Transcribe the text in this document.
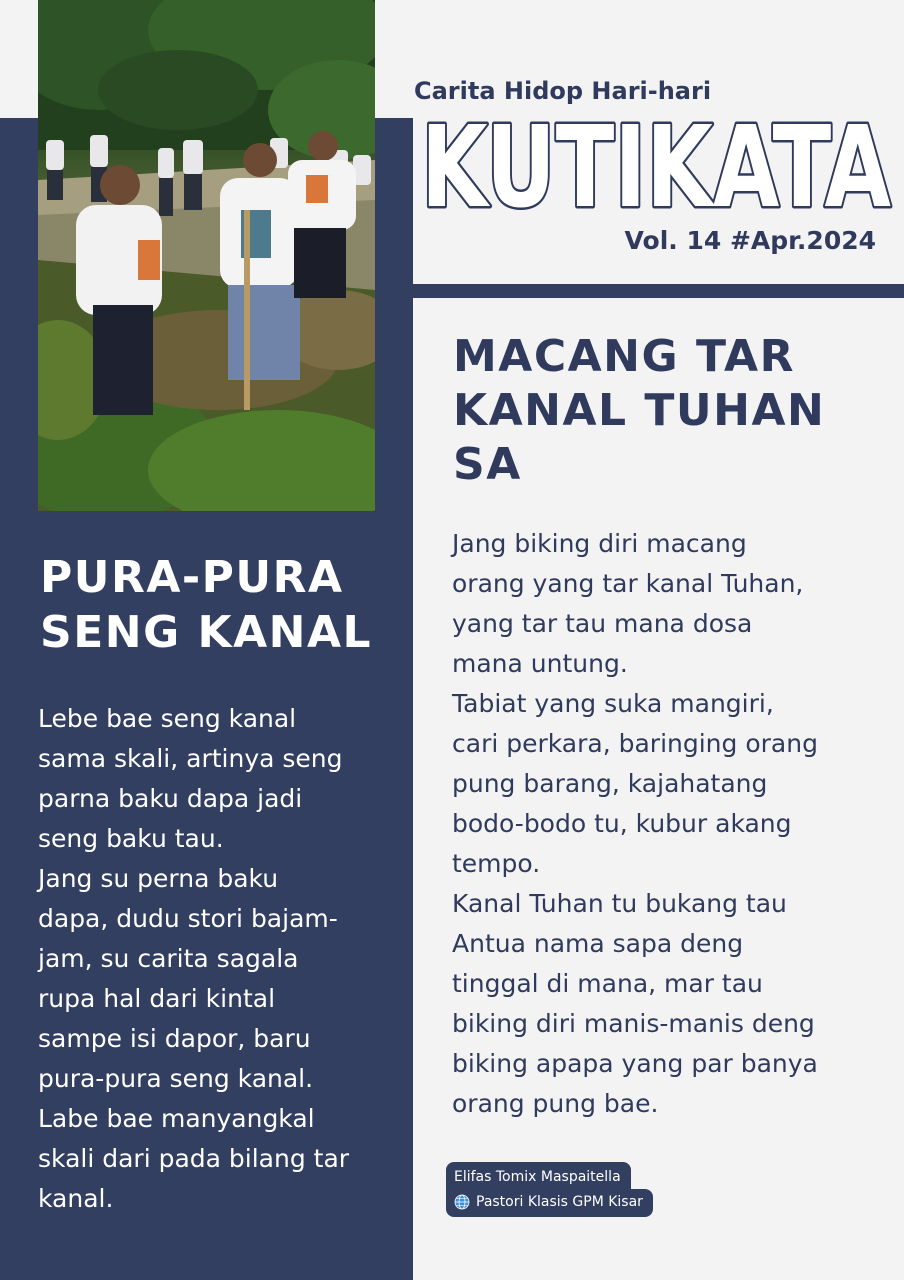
PURA-PURA
SENG KANAL
Lebe bae seng kanal
sama skali, artinya seng
parna baku dapa jadi
seng baku tau.
Jang su perna baku
dapa, dudu stori bajam-
jam, su carita sagala
rupa hal dari kintal
sampe isi dapor, baru
pura-pura seng kanal.
Labe bae manyangkal
skali dari pada bilang tar
kanal.
Carita Hidop Hari-hari
KUTIKATA
Vol. 14 #Apr.2024
MACANG TAR
KANAL TUHAN
SA
Jang biking diri macang
orang yang tar kanal Tuhan,
yang tar tau mana dosa
mana untung.
Tabiat yang suka mangiri,
cari perkara, baringing orang
pung barang, kajahatang
bodo-bodo tu, kubur akang
tempo.
Kanal Tuhan tu bukang tau
Antua nama sapa deng
tinggal di mana, mar tau
biking diri manis-manis deng
biking apapa yang par banya
orang pung bae.
Elifas Tomix Maspaitella
Pastori Klasis GPM Kisar
